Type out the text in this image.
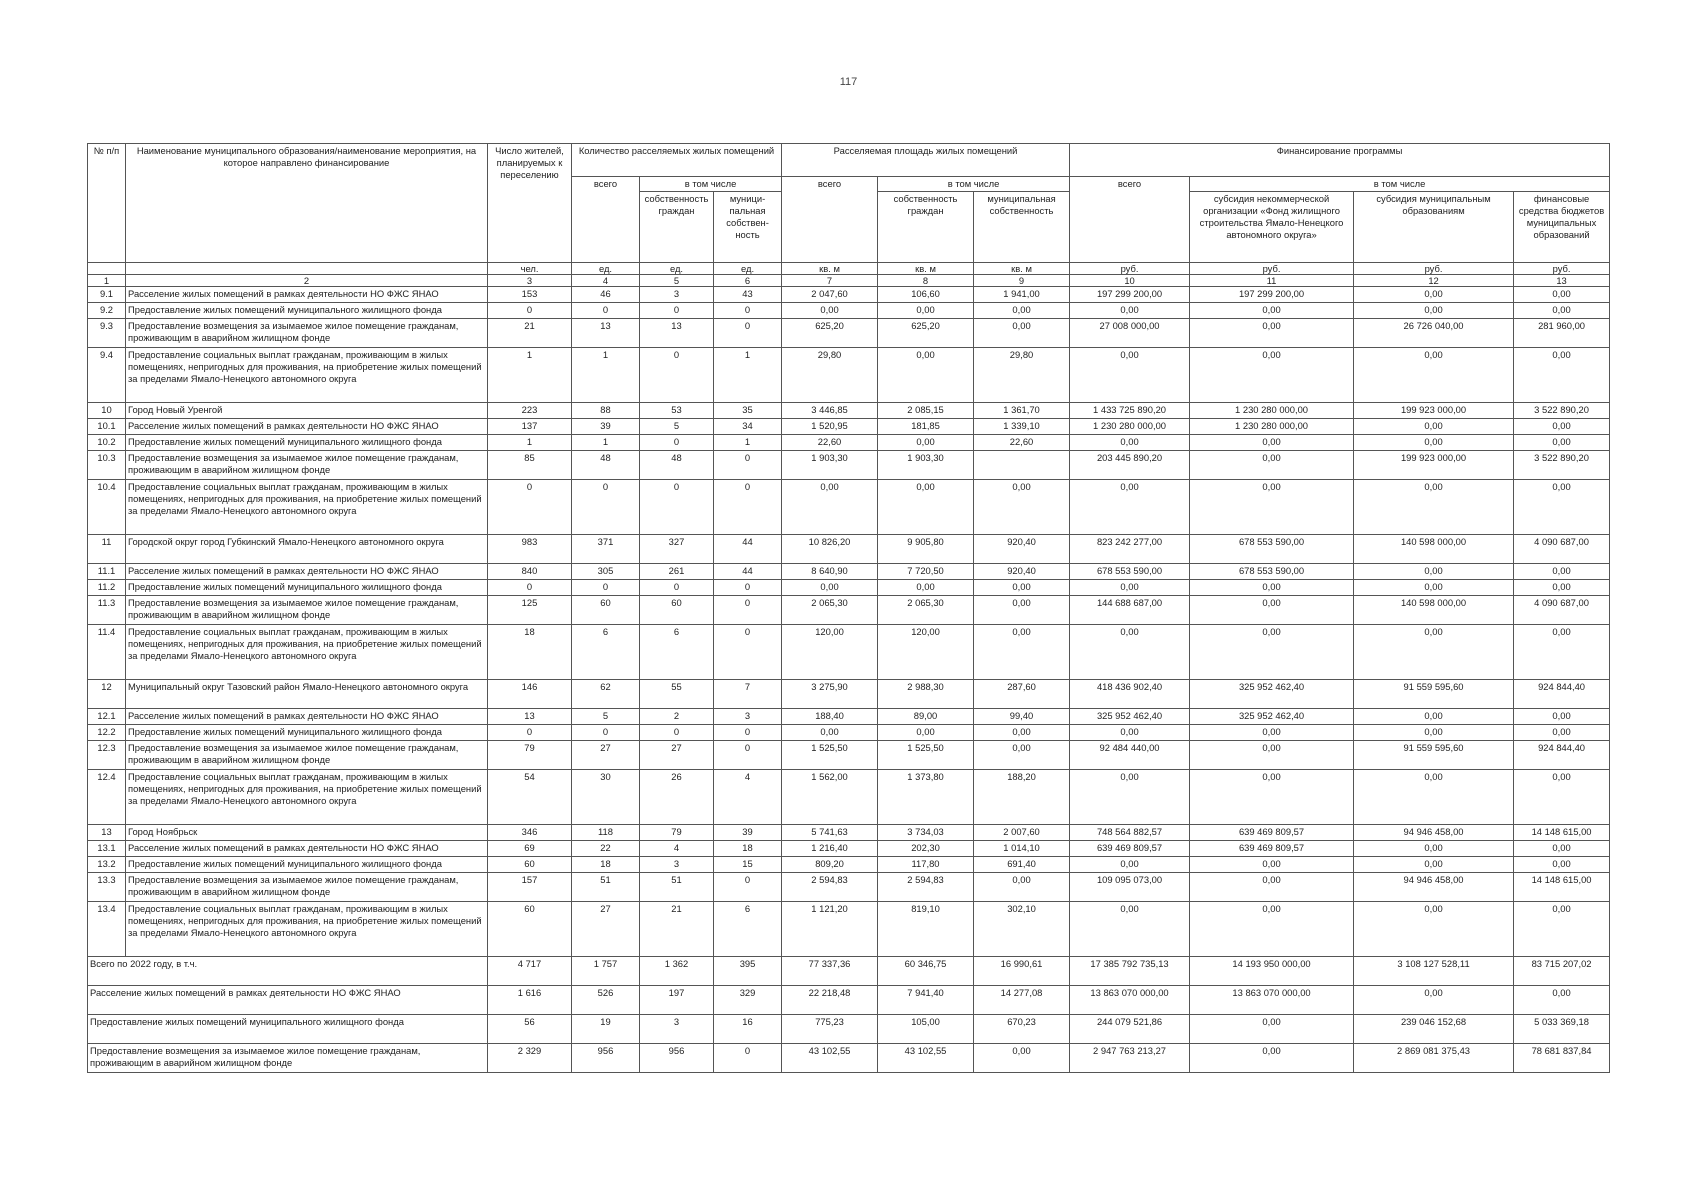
117
№ п/п	Наименование муниципального образования/наименование мероприятия, на которое направлено финансирование	Число жителей, планируемых к переселению	Количество расселяемых жилых помещений			Расселяемая площадь жилых помещений			Финансирование программы			
			всего	в том числе		всего	в том числе		всего	в том числе		
				собственность граждан	муници-пальная собствен-ность		собственность граждан	муниципальная собственность		субсидия некоммерческой организации «Фонд жилищного строительства Ямало-Ненецкого автономного округа»	субсидия муниципальным образованиям	финансовые средства бюджетов муниципальных образований
		чел.	ед.	ед.	ед.	кв. м	кв. м	кв. м	руб.	руб.	руб.	руб.
1	2	3	4	5	6	7	8	9	10	11	12	13
9.1	Расселение жилых помещений в рамках деятельности НО ФЖС ЯНАО	153	46	3	43	2 047,60	106,60	1 941,00	197 299 200,00	197 299 200,00	0,00	0,00
9.2	Предоставление жилых помещений муниципального жилищного фонда	0	0	0	0	0,00	0,00	0,00	0,00	0,00	0,00	0,00
9.3	Предоставление возмещения за изымаемое жилое помещение гражданам, проживающим в аварийном жилищном фонде	21	13	13	0	625,20	625,20	0,00	27 008 000,00	0,00	26 726 040,00	281 960,00
9.4	Предоставление социальных выплат гражданам, проживающим в жилых помещениях, непригодных для проживания, на приобретение жилых помещений за пределами Ямало-Ненецкого автономного округа	1	1	0	1	29,80	0,00	29,80	0,00	0,00	0,00	0,00
10	Город Новый Уренгой	223	88	53	35	3 446,85	2 085,15	1 361,70	1 433 725 890,20	1 230 280 000,00	199 923 000,00	3 522 890,20
10.1	Расселение жилых помещений в рамках деятельности НО ФЖС ЯНАО	137	39	5	34	1 520,95	181,85	1 339,10	1 230 280 000,00	1 230 280 000,00	0,00	0,00
10.2	Предоставление жилых помещений муниципального жилищного фонда	1	1	0	1	22,60	0,00	22,60	0,00	0,00	0,00	0,00
10.3	Предоставление возмещения за изымаемое жилое помещение гражданам, проживающим в аварийном жилищном фонде	85	48	48	0	1 903,30	1 903,30		203 445 890,20	0,00	199 923 000,00	3 522 890,20
10.4	Предоставление социальных выплат гражданам, проживающим в жилых помещениях, непригодных для проживания, на приобретение жилых помещений за пределами Ямало-Ненецкого автономного округа	0	0	0	0	0,00	0,00	0,00	0,00	0,00	0,00	0,00
11	Городской округ город Губкинский Ямало-Ненецкого автономного округа	983	371	327	44	10 826,20	9 905,80	920,40	823 242 277,00	678 553 590,00	140 598 000,00	4 090 687,00
11.1	Расселение жилых помещений в рамках деятельности НО ФЖС ЯНАО	840	305	261	44	8 640,90	7 720,50	920,40	678 553 590,00	678 553 590,00	0,00	0,00
11.2	Предоставление жилых помещений муниципального жилищного фонда	0	0	0	0	0,00	0,00	0,00	0,00	0,00	0,00	0,00
11.3	Предоставление возмещения за изымаемое жилое помещение гражданам, проживающим в аварийном жилищном фонде	125	60	60	0	2 065,30	2 065,30	0,00	144 688 687,00	0,00	140 598 000,00	4 090 687,00
11.4	Предоставление социальных выплат гражданам, проживающим в жилых помещениях, непригодных для проживания, на приобретение жилых помещений за пределами Ямало-Ненецкого автономного округа	18	6	6	0	120,00	120,00	0,00	0,00	0,00	0,00	0,00
12	Муниципальный округ Тазовский район Ямало-Ненецкого автономного округа	146	62	55	7	3 275,90	2 988,30	287,60	418 436 902,40	325 952 462,40	91 559 595,60	924 844,40
12.1	Расселение жилых помещений в рамках деятельности НО ФЖС ЯНАО	13	5	2	3	188,40	89,00	99,40	325 952 462,40	325 952 462,40	0,00	0,00
12.2	Предоставление жилых помещений муниципального жилищного фонда	0	0	0	0	0,00	0,00	0,00	0,00	0,00	0,00	0,00
12.3	Предоставление возмещения за изымаемое жилое помещение гражданам, проживающим в аварийном жилищном фонде	79	27	27	0	1 525,50	1 525,50	0,00	92 484 440,00	0,00	91 559 595,60	924 844,40
12.4	Предоставление социальных выплат гражданам, проживающим в жилых помещениях, непригодных для проживания, на приобретение жилых помещений за пределами Ямало-Ненецкого автономного округа	54	30	26	4	1 562,00	1 373,80	188,20	0,00	0,00	0,00	0,00
13	Город Ноябрьск	346	118	79	39	5 741,63	3 734,03	2 007,60	748 564 882,57	639 469 809,57	94 946 458,00	14 148 615,00
13.1	Расселение жилых помещений в рамках деятельности НО ФЖС ЯНАО	69	22	4	18	1 216,40	202,30	1 014,10	639 469 809,57	639 469 809,57	0,00	0,00
13.2	Предоставление жилых помещений муниципального жилищного фонда	60	18	3	15	809,20	117,80	691,40	0,00	0,00	0,00	0,00
13.3	Предоставление возмещения за изымаемое жилое помещение гражданам, проживающим в аварийном жилищном фонде	157	51	51	0	2 594,83	2 594,83	0,00	109 095 073,00	0,00	94 946 458,00	14 148 615,00
13.4	Предоставление социальных выплат гражданам, проживающим в жилых помещениях, непригодных для проживания, на приобретение жилых помещений за пределами Ямало-Ненецкого автономного округа	60	27	21	6	1 121,20	819,10	302,10	0,00	0,00	0,00	0,00
Всего по 2022 году, в т.ч.		4 717	1 757	1 362	395	77 337,36	60 346,75	16 990,61	17 385 792 735,13	14 193 950 000,00	3 108 127 528,11	83 715 207,02
Расселение жилых помещений в рамках деятельности НО ФЖС ЯНАО		1 616	526	197	329	22 218,48	7 941,40	14 277,08	13 863 070 000,00	13 863 070 000,00	0,00	0,00
Предоставление жилых помещений муниципального жилищного фонда		56	19	3	16	775,23	105,00	670,23	244 079 521,86	0,00	239 046 152,68	5 033 369,18
Предоставление возмещения за изымаемое жилое помещение гражданам, проживающим в аварийном жилищном фонде		2 329	956	956	0	43 102,55	43 102,55	0,00	2 947 763 213,27	0,00	2 869 081 375,43	78 681 837,84
